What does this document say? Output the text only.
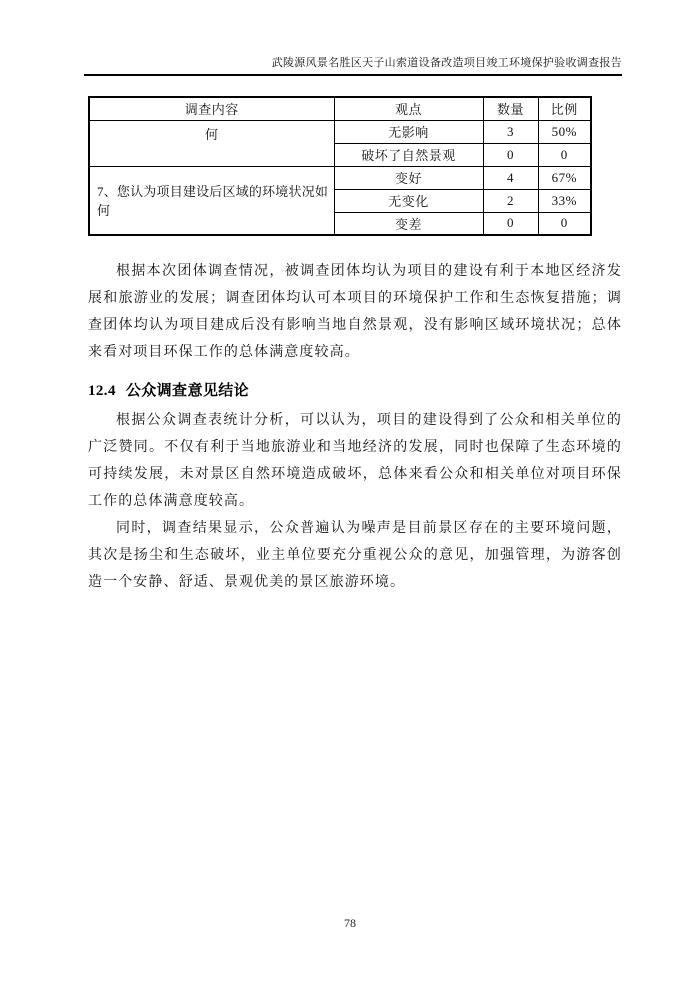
武陵源风景名胜区天子山索道设备改造项目竣工环境保护验收调查报告
调查内容	观点	数量	比例
何	无影响	3	50%
	破坏了自然景观	0	0
7、您认为项目建设后区域的环境状况如何	变好	4	67%
	无变化	2	33%
	变差	0	0

根据本次团体调查情况，被调查团体均认为项目的建设有利于本地区经济发展和旅游业的发展；调查团体均认可本项目的环境保护工作和生态恢复措施；调查团体均认为项目建成后没有影响当地自然景观，没有影响区域环境状况；总体来看对项目环保工作的总体满意度较高。

12.4 公众调查意见结论

根据公众调查表统计分析，可以认为，项目的建设得到了公众和相关单位的广泛赞同。不仅有利于当地旅游业和当地经济的发展，同时也保障了生态环境的可持续发展，未对景区自然环境造成破坏，总体来看公众和相关单位对项目环保工作的总体满意度较高。

同时，调查结果显示，公众普遍认为噪声是目前景区存在的主要环境问题，其次是扬尘和生态破坏，业主单位要充分重视公众的意见，加强管理，为游客创造一个安静、舒适、景观优美的景区旅游环境。

78
